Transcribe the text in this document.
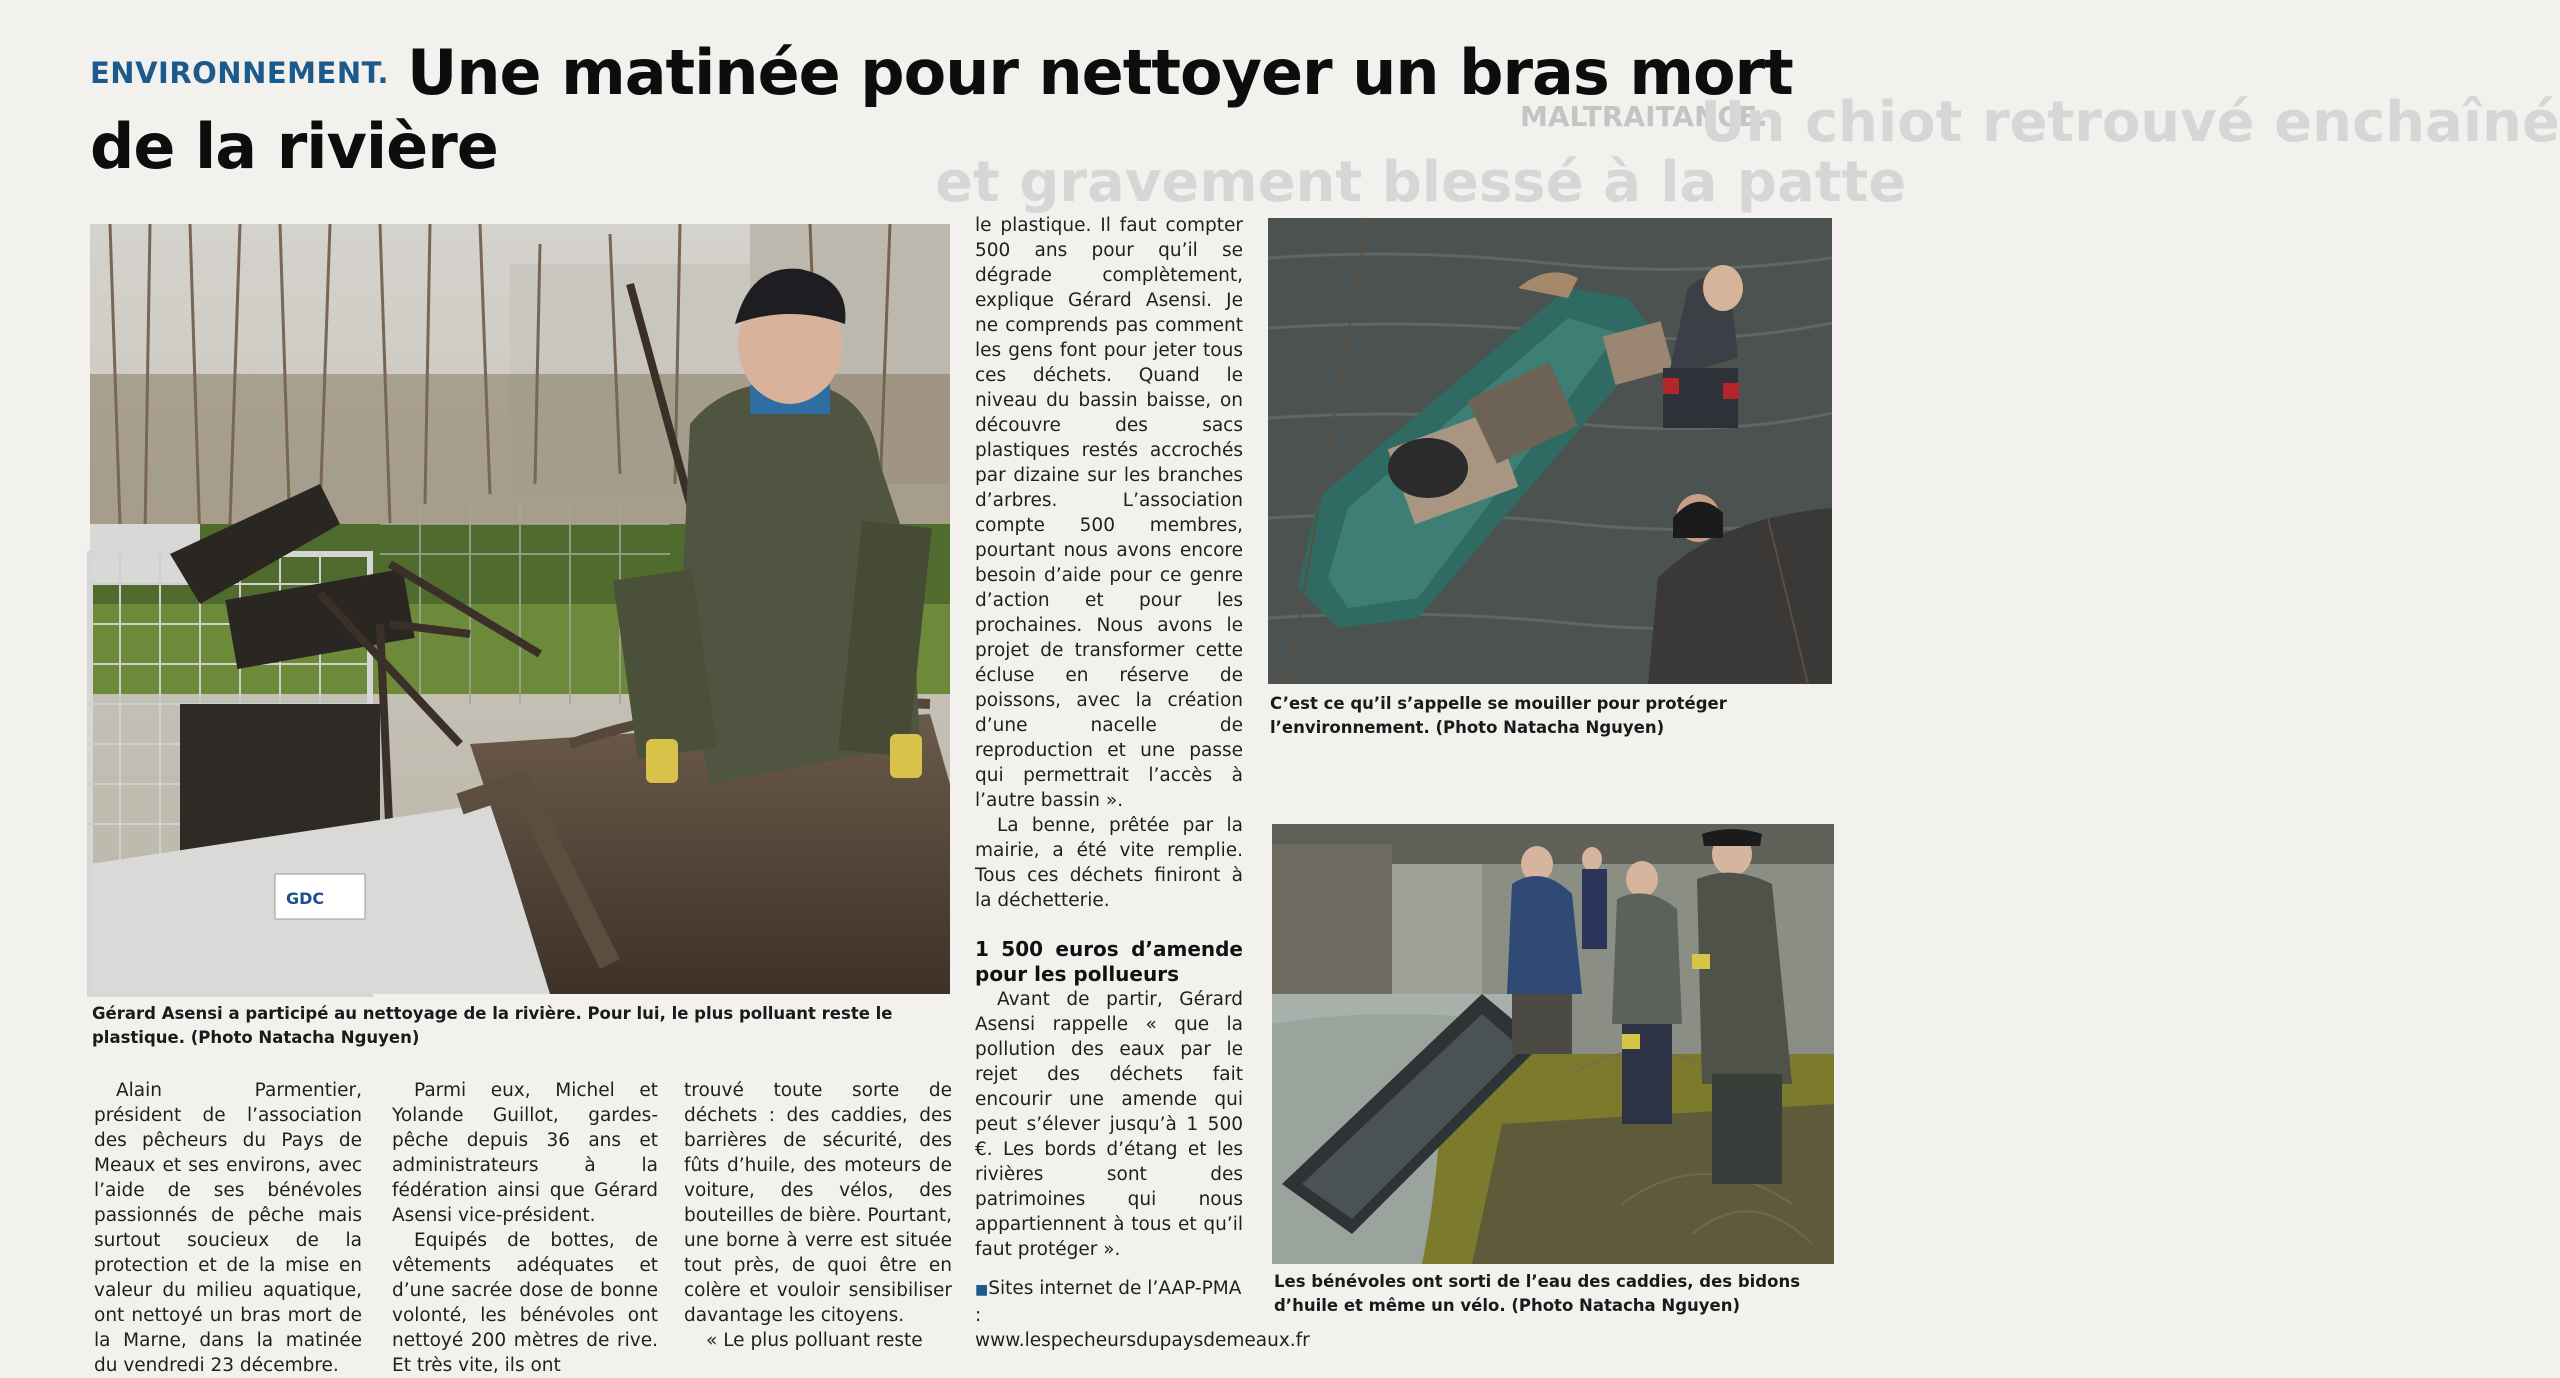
MALTRAITANCE.
Un chiot retrouvé enchaîné
et gravement blessé à la patte
ENVIRONNEMENT. Une matinée pour nettoyer un bras mort de la rivière
GDC
Gérard Asensi a participé au nettoyage de la rivière. Pour lui, le plus polluant reste le plastique. (Photo Natacha Nguyen)
C’est ce qu’il s’appelle se mouiller pour protéger l’environnement. (Photo Natacha Nguyen)
Les bénévoles ont sorti de l’eau des caddies, des bidons d’huile et même un vélo. (Photo Natacha Nguyen)

Alain Parmentier, président de l’association des pêcheurs du Pays de Meaux et ses environs, avec l’aide de ses bénévoles passionnés de pêche mais surtout soucieux de la protection et de la mise en valeur du milieu aquatique, ont nettoyé un bras mort de la Marne, dans la matinée du vendredi 23 décembre.

Parmi eux, Michel et Yolande Guillot, gardes-pêche depuis 36 ans et administrateurs à la fédération ainsi que Gérard Asensi vice-président.

Equipés de bottes, de vêtements adéquates et d’une sacrée dose de bonne volonté, les bénévoles ont nettoyé 200 mètres de rive. Et très vite, ils ont

trouvé toute sorte de déchets : des caddies, des barrières de sécurité, des fûts d’huile, des moteurs de voiture, des vélos, des bouteilles de bière. Pourtant, une borne à verre est située tout près, de quoi être en colère et vouloir sensibiliser davantage les citoyens.

« Le plus polluant reste

le plastique. Il faut compter 500 ans pour qu’il se dégrade complètement, explique Gérard Asensi. Je ne comprends pas comment les gens font pour jeter tous ces déchets. Quand le niveau du bassin baisse, on découvre des sacs plastiques restés accrochés par dizaine sur les branches d’arbres. L’association compte 500 membres, pourtant nous avons encore besoin d’aide pour ce genre d’action et pour les prochaines. Nous avons le projet de transformer cette écluse en réserve de poissons, avec la création d’une nacelle de reproduction et une passe qui permettrait l’accès à l’autre bassin ».

La benne, prêtée par la mairie, a été vite remplie. Tous ces déchets finiront à la déchetterie.

1 500 euros d’amende pour les pollueurs

Avant de partir, Gérard Asensi rappelle « que la pollution des eaux par le rejet des déchets fait encourir une amende qui peut s’élever jusqu’à 1 500 €. Les bords d’étang et les rivières sont des patrimoines qui nous appartiennent à tous et qu’il faut protéger ».

■Sites internet de l’AAP-PMA : www.lespecheursdupaysdemeaux.fr
